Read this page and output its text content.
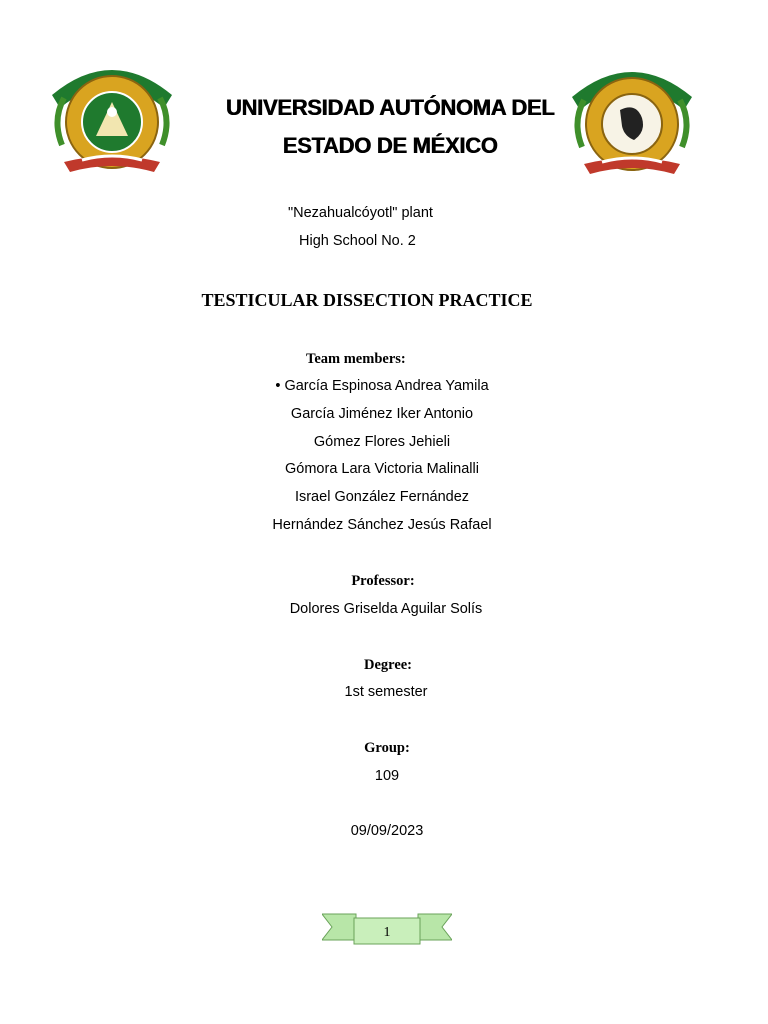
UNIVERSIDAD AUTÓNOMA DEL
ESTADO DE MÉXICO
"Nezahualcóyotl" plant
High School No. 2
TESTICULAR DISSECTION PRACTICE
Team members:
• García Espinosa Andrea Yamila
García Jiménez Iker Antonio
Gómez Flores Jehieli
Gómora Lara Victoria Malinalli
Israel González Fernández
Hernández Sánchez Jesús Rafael
Professor:
Dolores Griselda Aguilar Solís
Degree:
1st semester
Group:
109
09/09/2023
1
